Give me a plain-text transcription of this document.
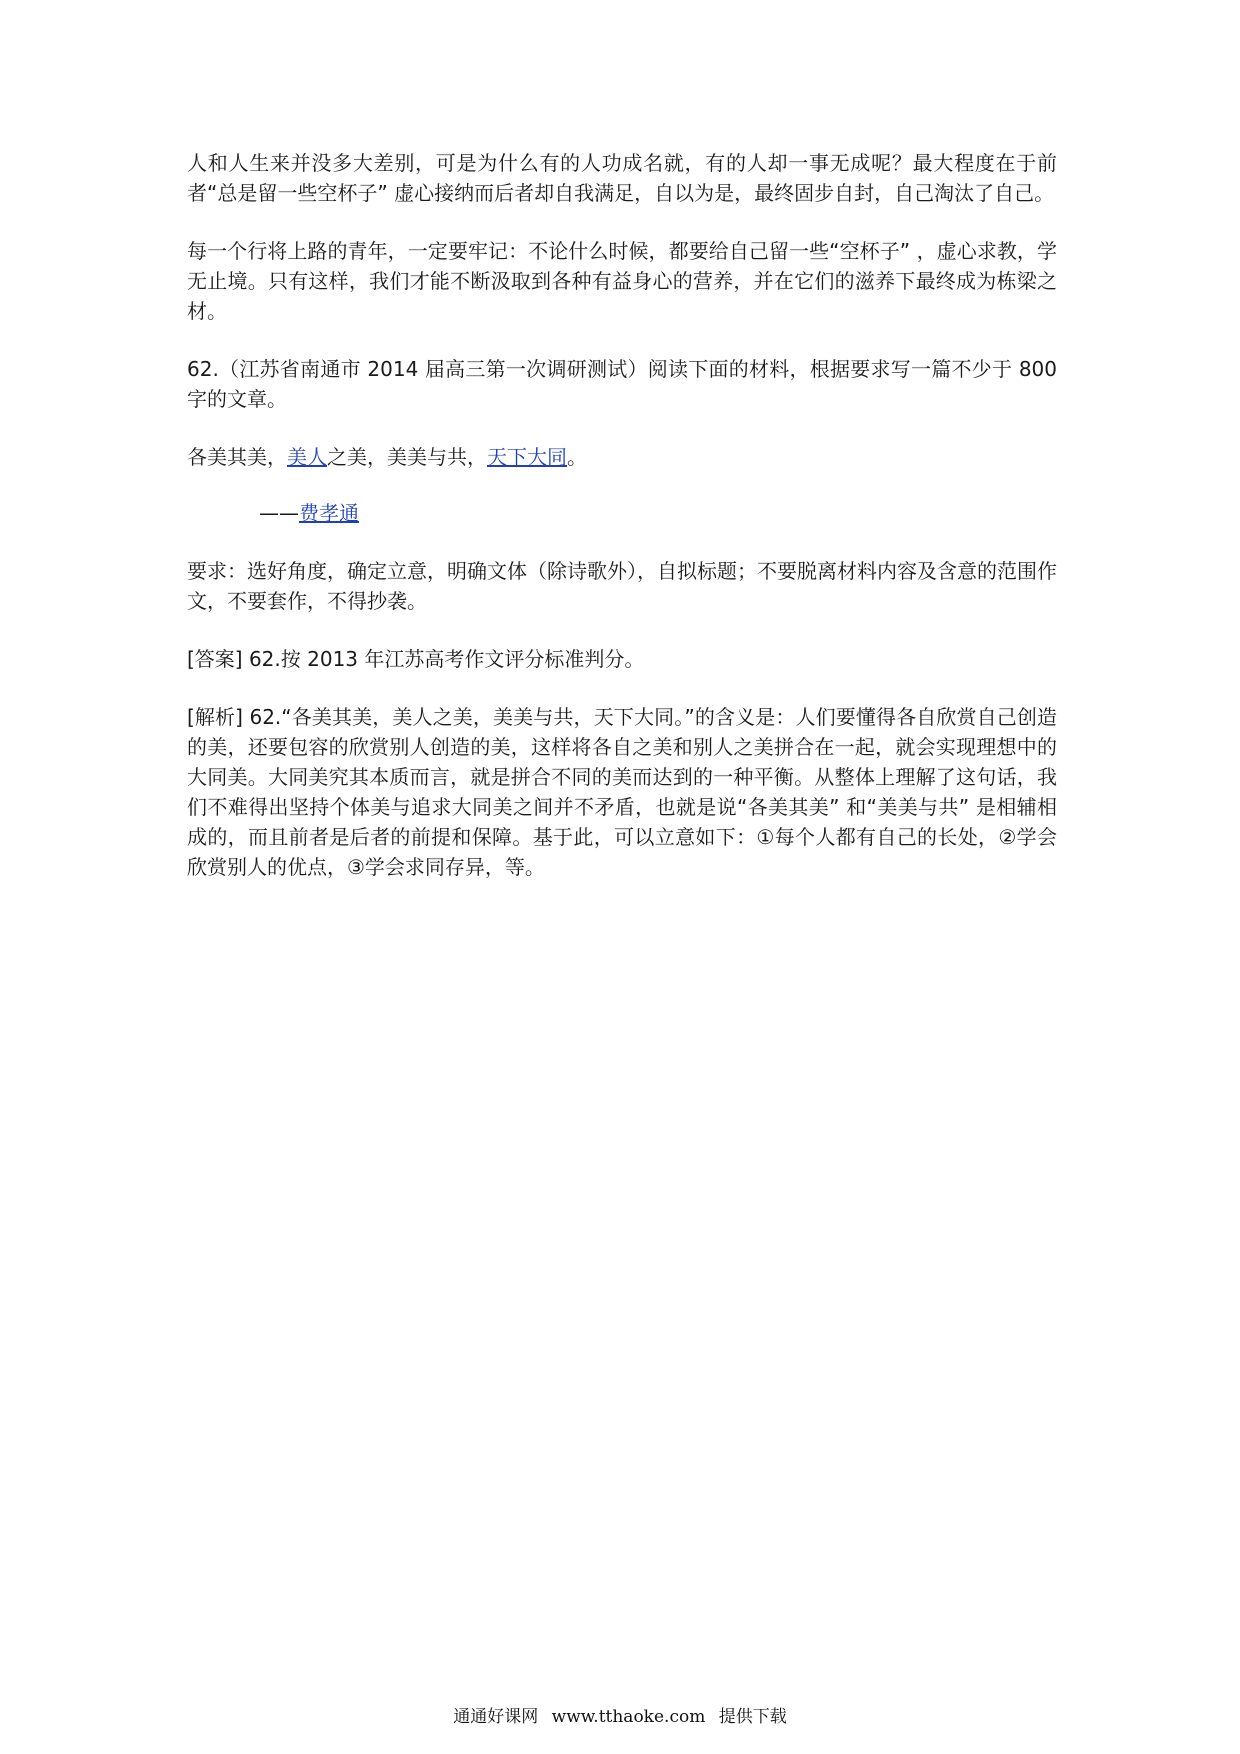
人和人生来并没多大差别，可是为什么有的人功成名就，有的人却一事无成呢？最大程度在于前者“总是留一些空杯子” 虚心接纳而后者却自我满足，自以为是，最终固步自封，自己淘汰了自己。

每一个行将上路的青年，一定要牢记：不论什么时候，都要给自己留一些“空杯子” ，虚心求教，学无止境。只有这样，我们才能不断汲取到各种有益身心的营养，并在它们的滋养下最终成为栋梁之材。

62.（江苏省南通市 2014 届高三第一次调研测试）阅读下面的材料，根据要求写一篇不少于 800 字的文章。

各美其美，美人之美，美美与共，天下大同。

——费孝通

要求：选好角度，确定立意，明确文体（除诗歌外），自拟标题；不要脱离材料内容及含意的范围作文，不要套作，不得抄袭。

[答案] 62.按 2013 年江苏高考作文评分标准判分。

[解析] 62.“各美其美，美人之美，美美与共，天下大同。”的含义是：人们要懂得各自欣赏自己创造的美，还要包容的欣赏别人创造的美，这样将各自之美和别人之美拼合在一起，就会实现理想中的大同美。大同美究其本质而言，就是拼合不同的美而达到的一种平衡。从整体上理解了这句话，我们不难得出坚持个体美与追求大同美之间并不矛盾，也就是说“各美其美” 和“美美与共” 是相辅相成的，而且前者是后者的前提和保障。基于此，可以立意如下：①每个人都有自己的长处，②学会欣赏别人的优点，③学会求同存异，等。

通通好课网 www.tthaoke.com 提供下载
